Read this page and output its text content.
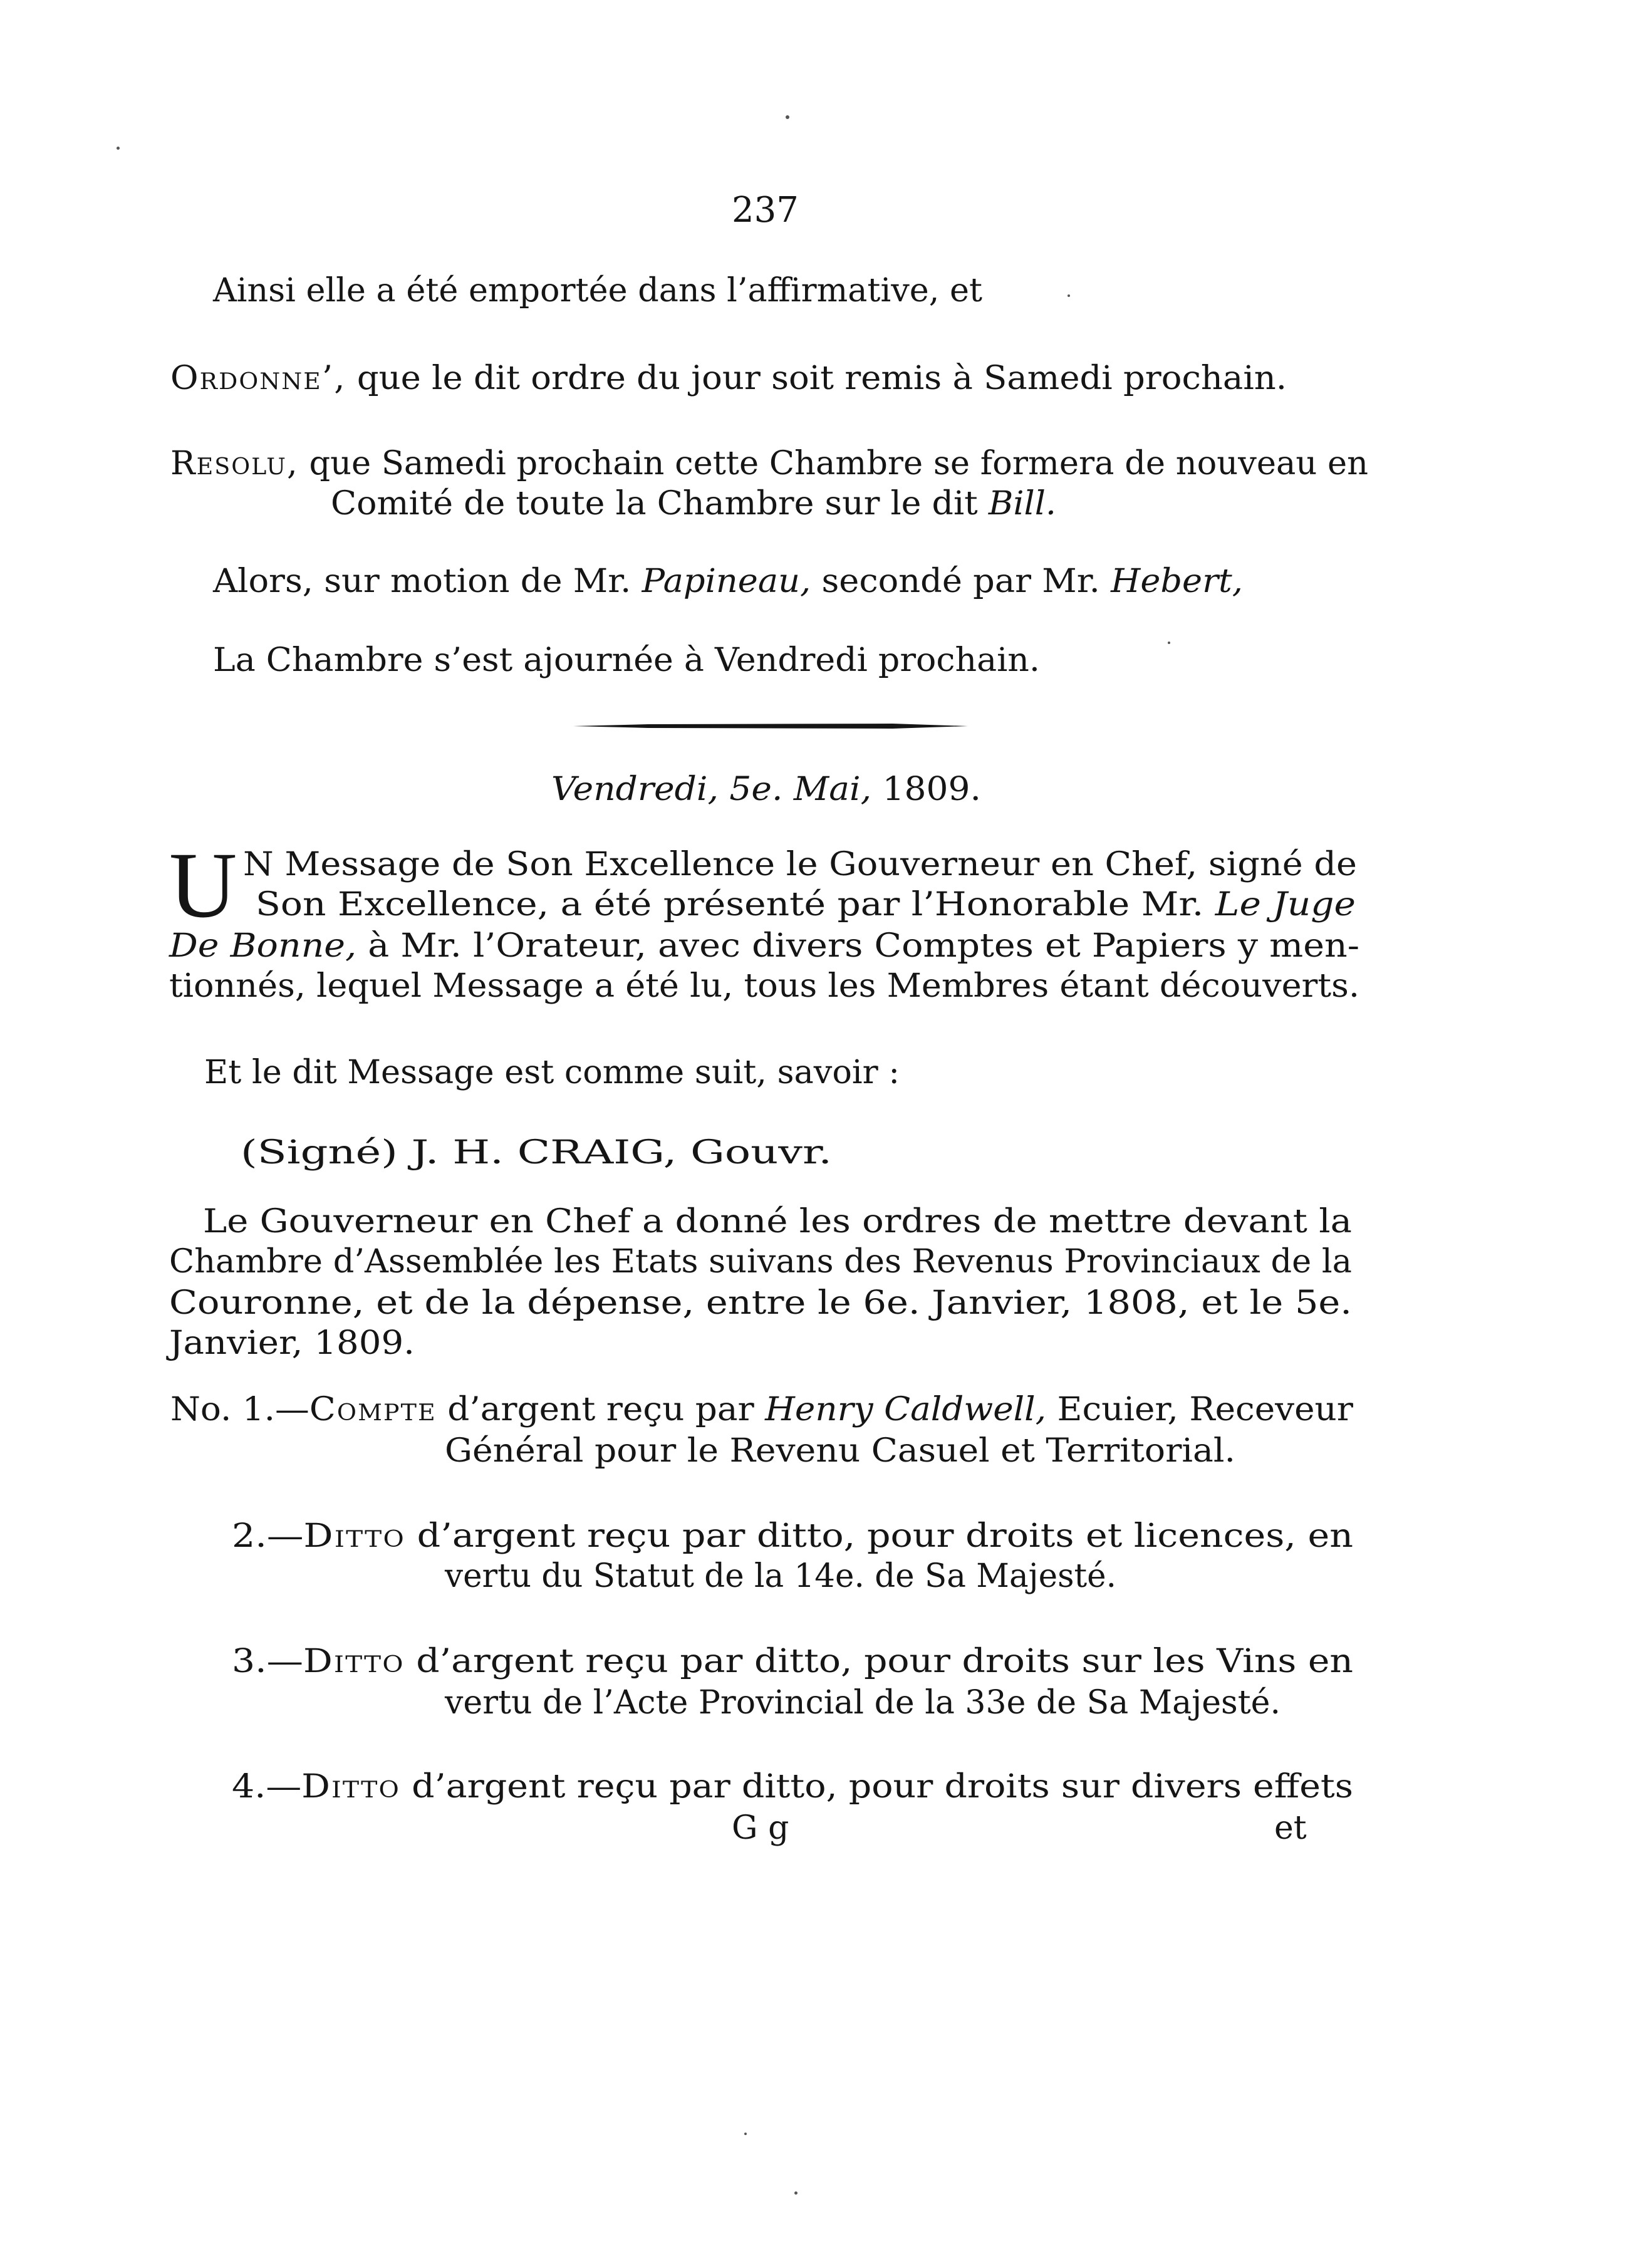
237
Ainsi elle a été emportée dans l’affirmative, et
Ordonne’, que le dit ordre du jour soit remis à Samedi prochain.
Resolu, que Samedi prochain cette Chambre se formera de nouveau en
Comité de toute la Chambre sur le dit Bill.
Alors, sur motion de Mr. Papineau, secondé par Mr. Hebert,
La Chambre s’est ajournée à Vendredi prochain.
Vendredi, 5e. Mai, 1809.
U N Message de Son Excellence le Gouverneur en Chef, signé de
Son Excellence, a été présenté par l’Honorable Mr. Le Juge
De Bonne, à Mr. l’Orateur, avec divers Comptes et Papiers y men-
tionnés, lequel Message a été lu, tous les Membres étant découverts.
Et le dit Message est comme suit, savoir :
(Signé) J. H. CRAIG, Gouvr.
Le Gouverneur en Chef a donné les ordres de mettre devant la
Chambre d’Assemblée les Etats suivans des Revenus Provinciaux de la
Couronne, et de la dépense, entre le 6e. Janvier, 1808, et le 5e.
Janvier, 1809.
No. 1.—Compte d’argent reçu par Henry Caldwell, Ecuier, Receveur
Général pour le Revenu Casuel et Territorial.
2.—Ditto d’argent reçu par ditto, pour droits et licences, en
vertu du Statut de la 14e. de Sa Majesté.
3.—Ditto d’argent reçu par ditto, pour droits sur les Vins en
vertu de l’Acte Provincial de la 33e de Sa Majesté.
4.—Ditto d’argent reçu par ditto, pour droits sur divers effets
G g	et
